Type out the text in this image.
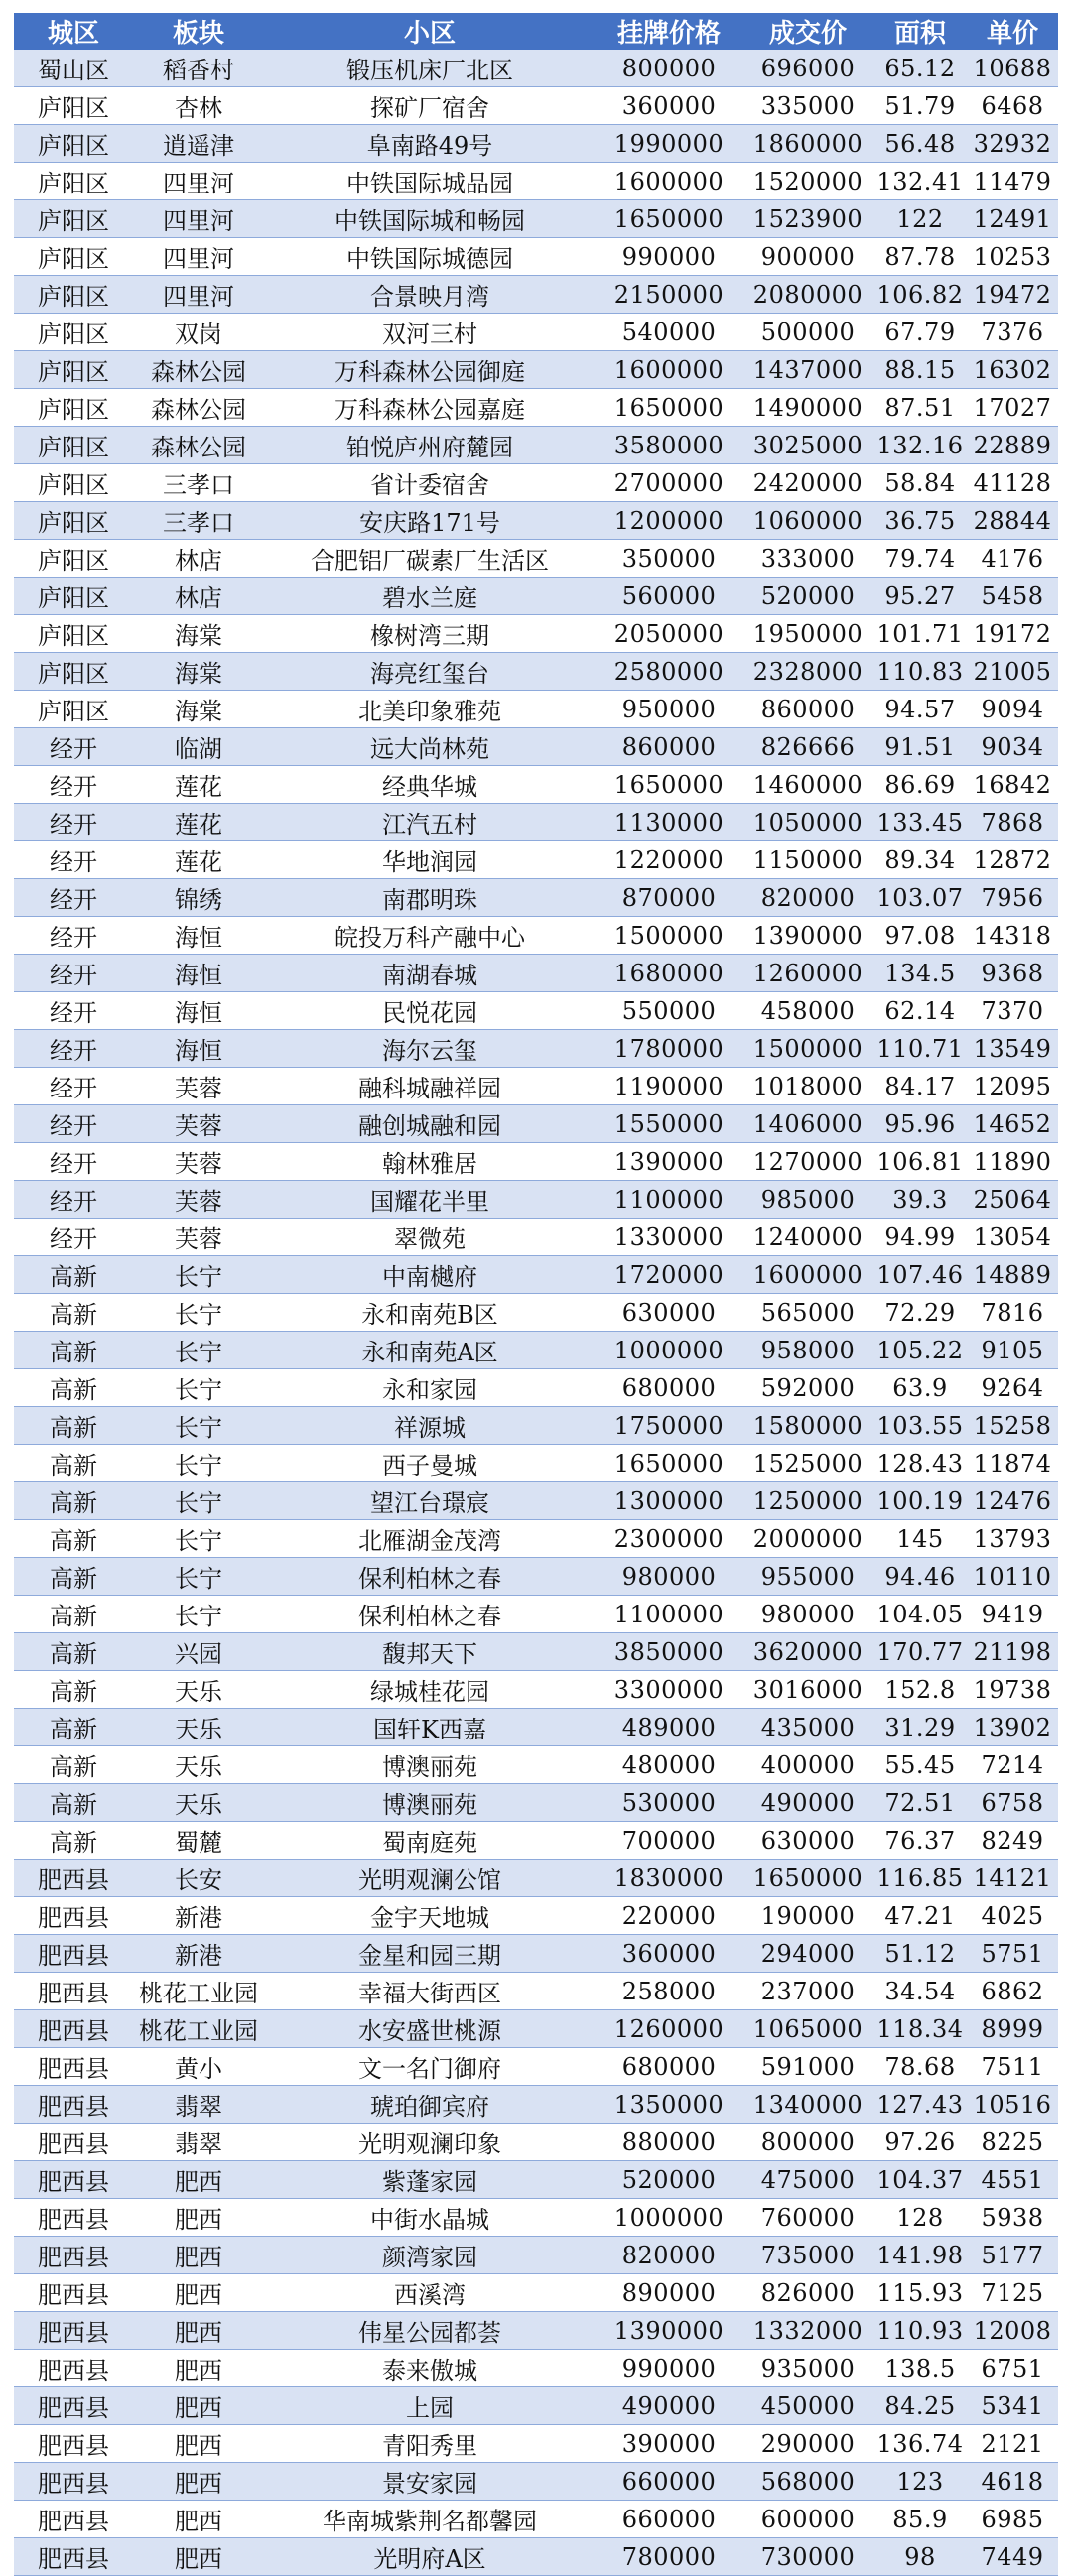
城区	板块	小区	挂牌价格	成交价	面积	单价
蜀山区	稻香村	锻压机床厂北区	800000	696000	65.12	10688
庐阳区	杏林	探矿厂宿舍	360000	335000	51.79	6468
庐阳区	逍遥津	阜南路49号	1990000	1860000	56.48	32932
庐阳区	四里河	中铁国际城品园	1600000	1520000	132.41	11479
庐阳区	四里河	中铁国际城和畅园	1650000	1523900	122	12491
庐阳区	四里河	中铁国际城德园	990000	900000	87.78	10253
庐阳区	四里河	合景映月湾	2150000	2080000	106.82	19472
庐阳区	双岗	双河三村	540000	500000	67.79	7376
庐阳区	森林公园	万科森林公园御庭	1600000	1437000	88.15	16302
庐阳区	森林公园	万科森林公园嘉庭	1650000	1490000	87.51	17027
庐阳区	森林公园	铂悦庐州府麓园	3580000	3025000	132.16	22889
庐阳区	三孝口	省计委宿舍	2700000	2420000	58.84	41128
庐阳区	三孝口	安庆路171号	1200000	1060000	36.75	28844
庐阳区	林店	合肥铝厂碳素厂生活区	350000	333000	79.74	4176
庐阳区	林店	碧水兰庭	560000	520000	95.27	5458
庐阳区	海棠	橡树湾三期	2050000	1950000	101.71	19172
庐阳区	海棠	海亮红玺台	2580000	2328000	110.83	21005
庐阳区	海棠	北美印象雅苑	950000	860000	94.57	9094
经开	临湖	远大尚林苑	860000	826666	91.51	9034
经开	莲花	经典华城	1650000	1460000	86.69	16842
经开	莲花	江汽五村	1130000	1050000	133.45	7868
经开	莲花	华地润园	1220000	1150000	89.34	12872
经开	锦绣	南郡明珠	870000	820000	103.07	7956
经开	海恒	皖投万科产融中心	1500000	1390000	97.08	14318
经开	海恒	南湖春城	1680000	1260000	134.5	9368
经开	海恒	民悦花园	550000	458000	62.14	7370
经开	海恒	海尔云玺	1780000	1500000	110.71	13549
经开	芙蓉	融科城融祥园	1190000	1018000	84.17	12095
经开	芙蓉	融创城融和园	1550000	1406000	95.96	14652
经开	芙蓉	翰林雅居	1390000	1270000	106.81	11890
经开	芙蓉	国耀花半里	1100000	985000	39.3	25064
经开	芙蓉	翠微苑	1330000	1240000	94.99	13054
高新	长宁	中南樾府	1720000	1600000	107.46	14889
高新	长宁	永和南苑B区	630000	565000	72.29	7816
高新	长宁	永和南苑A区	1000000	958000	105.22	9105
高新	长宁	永和家园	680000	592000	63.9	9264
高新	长宁	祥源城	1750000	1580000	103.55	15258
高新	长宁	西子曼城	1650000	1525000	128.43	11874
高新	长宁	望江台璟宸	1300000	1250000	100.19	12476
高新	长宁	北雁湖金茂湾	2300000	2000000	145	13793
高新	长宁	保利柏林之春	980000	955000	94.46	10110
高新	长宁	保利柏林之春	1100000	980000	104.05	9419
高新	兴园	馥邦天下	3850000	3620000	170.77	21198
高新	天乐	绿城桂花园	3300000	3016000	152.8	19738
高新	天乐	国轩K西嘉	489000	435000	31.29	13902
高新	天乐	博澳丽苑	480000	400000	55.45	7214
高新	天乐	博澳丽苑	530000	490000	72.51	6758
高新	蜀麓	蜀南庭苑	700000	630000	76.37	8249
肥西县	长安	光明观澜公馆	1830000	1650000	116.85	14121
肥西县	新港	金宇天地城	220000	190000	47.21	4025
肥西县	新港	金星和园三期	360000	294000	51.12	5751
肥西县	桃花工业园	幸福大街西区	258000	237000	34.54	6862
肥西县	桃花工业园	水安盛世桃源	1260000	1065000	118.34	8999
肥西县	黄小	文一名门御府	680000	591000	78.68	7511
肥西县	翡翠	琥珀御宾府	1350000	1340000	127.43	10516
肥西县	翡翠	光明观澜印象	880000	800000	97.26	8225
肥西县	肥西	紫蓬家园	520000	475000	104.37	4551
肥西县	肥西	中街水晶城	1000000	760000	128	5938
肥西县	肥西	颜湾家园	820000	735000	141.98	5177
肥西县	肥西	西溪湾	890000	826000	115.93	7125
肥西县	肥西	伟星公园都荟	1390000	1332000	110.93	12008
肥西县	肥西	泰来傲城	990000	935000	138.5	6751
肥西县	肥西	上园	490000	450000	84.25	5341
肥西县	肥西	青阳秀里	390000	290000	136.74	2121
肥西县	肥西	景安家园	660000	568000	123	4618
肥西县	肥西	华南城紫荆名都馨园	660000	600000	85.9	6985
肥西县	肥西	光明府A区	780000	730000	98	7449
